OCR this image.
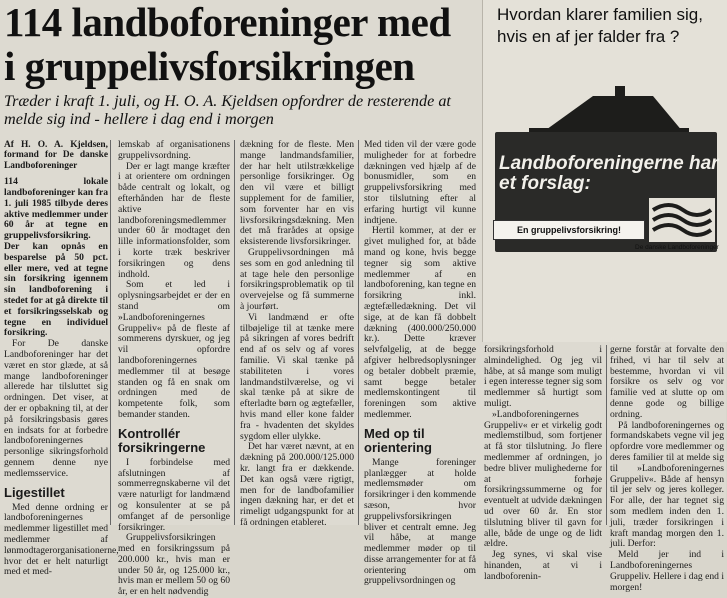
114 landboforeninger med
i gruppelivsforsikringen
Træder i kraft 1. juli, og H. O. A. Kjeldsen opfordrer de resterende at melde sig ind - hellere i dag end i morgen

Af H. O. A. Kjeldsen, formand for De danske Landboforeninger

114 lokale landboforeninger kan fra 1. juli 1985 tilbyde deres aktive medlemmer under 60 år at tegne en gruppelivsforsikring. Der kan opnås en besparelse på 50 pct. eller mere, ved at tegne sin forsikring igennem sin landboforening i stedet for at gå direkte til et forsikringsselskab og tegne en individuel forsikring.

For De danske Landboforeninger har det været en stor glæde, at så mange landboforeninger allerede har tilsluttet sig ordningen. Det viser, at der er opbakning til, at der på forsikringsbasis gøres en indsats for at forbedre landboforeningernes personlige sikringsforhold gennem denne nye medlemsservice.

Ligestillet

Med denne ordning er landboforeningernes medlemmer ligestillet med medlemmer af lønmodtagerorganisationerne, hvor det er helt naturligt med et med-

lemskab af organisationens gruppelivsordning.

Der er lagt mange kræfter i at orientere om ordningen både centralt og lokalt, og efterhånden har de fleste aktive landboforeningsmedlemmer under 60 år modtaget den lille informationsfolder, som i korte træk beskriver forsikringen og dens indhold.

Som et led i oplysningsarbejdet er der en stand om »Landboforeningernes Gruppeliv« på de fleste af sommerens dyrskuer, og jeg vil opfordre landboforeningernes medlemmer til at besøge standen og få en snak om ordningen med de kompetente folk, som bemander standen.

Kontrollér forsikringerne

I forbindelse med afslutningen af sommerregnskaberne vil det være naturligt for landmænd og konsulenter at se på omfanget af de personlige forsikringer.

Gruppelivsforsikringen med en forsikringssum på 200.000 kr., hvis man er under 50 år, og 125.000 kr., hvis man er mellem 50 og 60 år, er en helt nødvendig

dækning for de fleste. Men mange landmandsfamilier, der har helt utilstrækkelige personlige forsikringer. Og den vil være et billigt supplement for de familier, som forventer har en vis livsforsikringsdækning. Men det må frarådes at opsige eksisterende livsforsikringer.

Gruppelivsordningen må ses som en god anledning til at tage hele den personlige forsikringsproblematik op til overvejelse og få summerne à jourført.

Vi landmænd er ofte tilbøjelige til at tænke mere på sikringen af vores bedrift end af os selv og af vores familie. Vi skal tænke på stabiliteten i vores landmandstilværelse, og vi skal tænke på at sikre de efterladte børn og ægtefæller, hvis mand eller kone falder fra - hvadenten det skyldes sygdom eller ulykke.

Det har været nævnt, at en dækning på 200.000/125.000 kr. langt fra er dækkende. Det kan også være rigtigt, men for de landbofamilier ingen dækning har, er det et rimeligt udgangspunkt for at få ordningen etableret.

Med tiden vil der være gode muligheder for at forbedre dækningen ved hjælp af de bonusmidler, som en gruppelivsforsikring med stor tilslutning efter al erfaring hurtigt vil kunne indtjene.

Hertil kommer, at der er givet mulighed for, at både mand og kone, hvis begge tegner sig som aktive medlemmer af en landboforening, kan tegne en forsikring inkl. ægtefælledækning. Det vil sige, at de kan få dobbelt dækning (400.000/250.000 kr.). Dette kræver selvfølgelig, at de begge afgiver helbredsoplysninger og betaler dobbelt præmie, samt begge betaler medlemskontingent til foreningen som aktive medlemmer.

Med op til orientering

Mange foreninger planlægger at holde medlemsmøder om forsikringer i den kommende sæson, hvor gruppelivsforsikringen bliver et centralt emne. Jeg vil håbe, at mange medlemmer møder op til disse arrangementer for at få orientering om gruppelivsordningen og

forsikringsforhold i almindelighed. Og jeg vil håbe, at så mange som muligt i egen interesse tegner sig som medlemmer så hurtigt som muligt.

»Landboforeningernes Gruppeliv« er et virkelig godt medlemstilbud, som fortjener at få stor tilslutning. Jo flere medlemmer af ordningen, jo bedre bliver mulighederne for at forhøje forsikringssummerne og for eventuelt at udvide dækningen ud over 60 år. En stor tilslutning bliver til gavn for alle, både de unge og de lidt ældre.

Jeg synes, vi skal vise hinanden, at vi i landboforenin-

gerne forstår at forvalte den frihed, vi har til selv at bestemme, hvordan vi vil forsikre os selv og vor familie ved at slutte op om denne gode og billige ordning.

På landboforeningernes og formandskabets vegne vil jeg opfordre vore medlemmer og deres familier til at melde sig til »Landboforeningernes Gruppeliv«. Både af hensyn til jer selv og jeres kolleger. For alle, der har tegnet sig som medlem inden den 1. juli, træder forsikringen i kraft mandag morgen den 1. juli. Derfor:

Meld jer ind i Landboforeningernes Gruppeliv. Hellere i dag end i morgen!

Hvordan klarer familien sig, hvis en af jer falder fra ?
Landboforeningerne har et forslag:
En gruppelivsforsikring!
De danske Landboforeninger
